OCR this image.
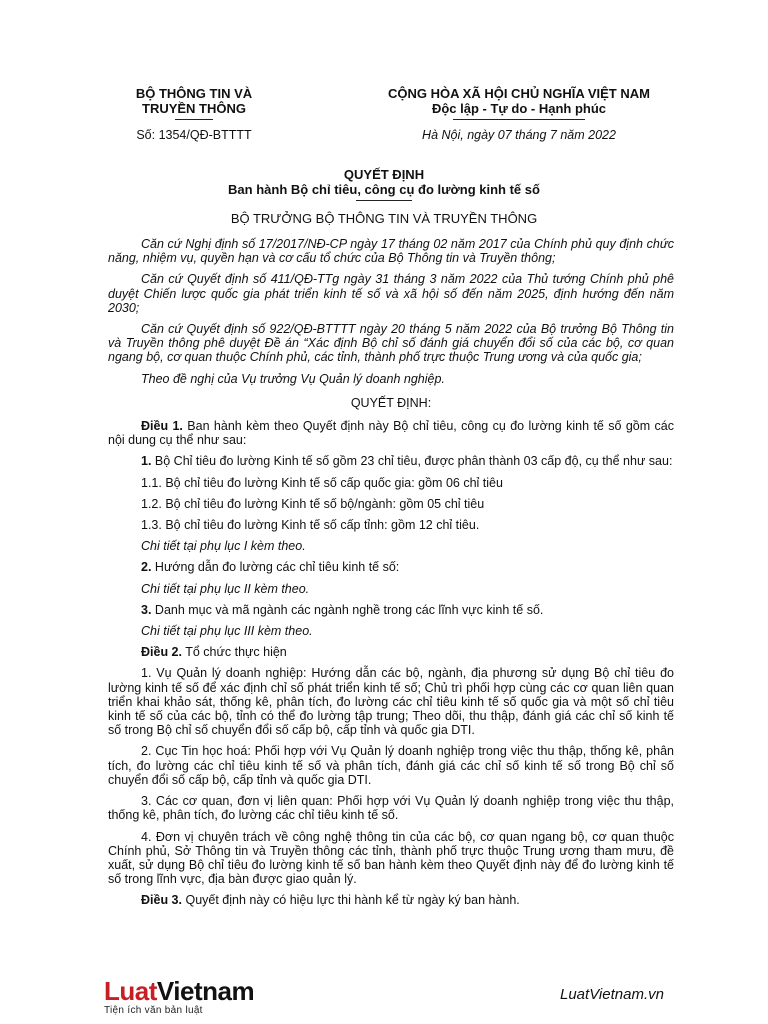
BỘ THÔNG TIN VÀ
TRUYỀN THÔNG
CỘNG HÒA XÃ HỘI CHỦ NGHĨA VIỆT NAM
Độc lập - Tự do - Hạnh phúc
Số: 1354/QĐ-BTTTT	Hà Nội, ngày 07 tháng 7 năm 2022
QUYẾT ĐỊNH
Ban hành Bộ chỉ tiêu, công cụ đo lường kinh tế số
BỘ TRƯỞNG BỘ THÔNG TIN VÀ TRUYỀN THÔNG

Căn cứ Nghị định số 17/2017/NĐ-CP ngày 17 tháng 02 năm 2017 của Chính phủ quy định chức năng, nhiệm vụ, quyền hạn và cơ cấu tổ chức của Bộ Thông tin và Truyền thông;

Căn cứ Quyết định số 411/QĐ-TTg ngày 31 tháng 3 năm 2022 của Thủ tướng Chính phủ phê duyệt Chiến lược quốc gia phát triển kinh tế số và xã hội số đến năm 2025, định hướng đến năm 2030;

Căn cứ Quyết định số 922/QĐ-BTTTT ngày 20 tháng 5 năm 2022 của Bộ trưởng Bộ Thông tin và Truyền thông phê duyệt Đề án “Xác định Bộ chỉ số đánh giá chuyển đổi số của các bộ, cơ quan ngang bộ, cơ quan thuộc Chính phủ, các tỉnh, thành phố trực thuộc Trung ương và của quốc gia;

Theo đề nghị của Vụ trưởng Vụ Quản lý doanh nghiệp.

QUYẾT ĐỊNH:

Điều 1. Ban hành kèm theo Quyết định này Bộ chỉ tiêu, công cụ đo lường kinh tế số gồm các nội dung cụ thể như sau:

1. Bộ Chỉ tiêu đo lường Kinh tế số gồm 23 chỉ tiêu, được phân thành 03 cấp độ, cụ thể như sau:

1.1. Bộ chỉ tiêu đo lường Kinh tế số cấp quốc gia: gồm 06 chỉ tiêu

1.2. Bộ chỉ tiêu đo lường Kinh tế số bộ/ngành: gồm 05 chỉ tiêu

1.3. Bộ chỉ tiêu đo lường Kinh tế số cấp tỉnh: gồm 12 chỉ tiêu.

Chi tiết tại phụ lục I kèm theo.

2. Hướng dẫn đo lường các chỉ tiêu kinh tế số:

Chi tiết tại phụ lục II kèm theo.

3. Danh mục và mã ngành các ngành nghề trong các lĩnh vực kinh tế số.

Chi tiết tại phụ lục III kèm theo.

Điều 2. Tổ chức thực hiện

1. Vụ Quản lý doanh nghiệp: Hướng dẫn các bộ, ngành, địa phương sử dụng Bộ chỉ tiêu đo lường kinh tế số để xác định chỉ số phát triển kinh tế số; Chủ trì phối hợp cùng các cơ quan liên quan triển khai khảo sát, thống kê, phân tích, đo lường các chỉ tiêu kinh tế số quốc gia và một số chỉ tiêu kinh tế số của các bộ, tỉnh có thể đo lường tập trung; Theo dõi, thu thập, đánh giá các chỉ số kinh tế số trong Bộ chỉ số chuyển đổi số cấp bộ, cấp tỉnh và quốc gia DTI.

2. Cục Tin học hoá: Phối hợp với Vụ Quản lý doanh nghiệp trong việc thu thập, thống kê, phân tích, đo lường các chỉ tiêu kinh tế số và phân tích, đánh giá các chỉ số kinh tế số trong Bộ chỉ số chuyển đổi số cấp bộ, cấp tỉnh và quốc gia DTI.

3. Các cơ quan, đơn vị liên quan: Phối hợp với Vụ Quản lý doanh nghiệp trong việc thu thập, thống kê, phân tích, đo lường các chỉ tiêu kinh tế số.

4. Đơn vị chuyên trách về công nghệ thông tin của các bộ, cơ quan ngang bộ, cơ quan thuộc Chính phủ, Sở Thông tin và Truyền thông các tỉnh, thành phố trực thuộc Trung ương tham mưu, đề xuất, sử dụng Bộ chỉ tiêu đo lường kinh tế số ban hành kèm theo Quyết định này để đo lường kinh tế số trong lĩnh vực, địa bàn được giao quản lý.

Điều 3. Quyết định này có hiệu lực thi hành kể từ ngày ký ban hành.

LuatVietnam
Tiện ích văn bản luật
LuatVietnam.vn
